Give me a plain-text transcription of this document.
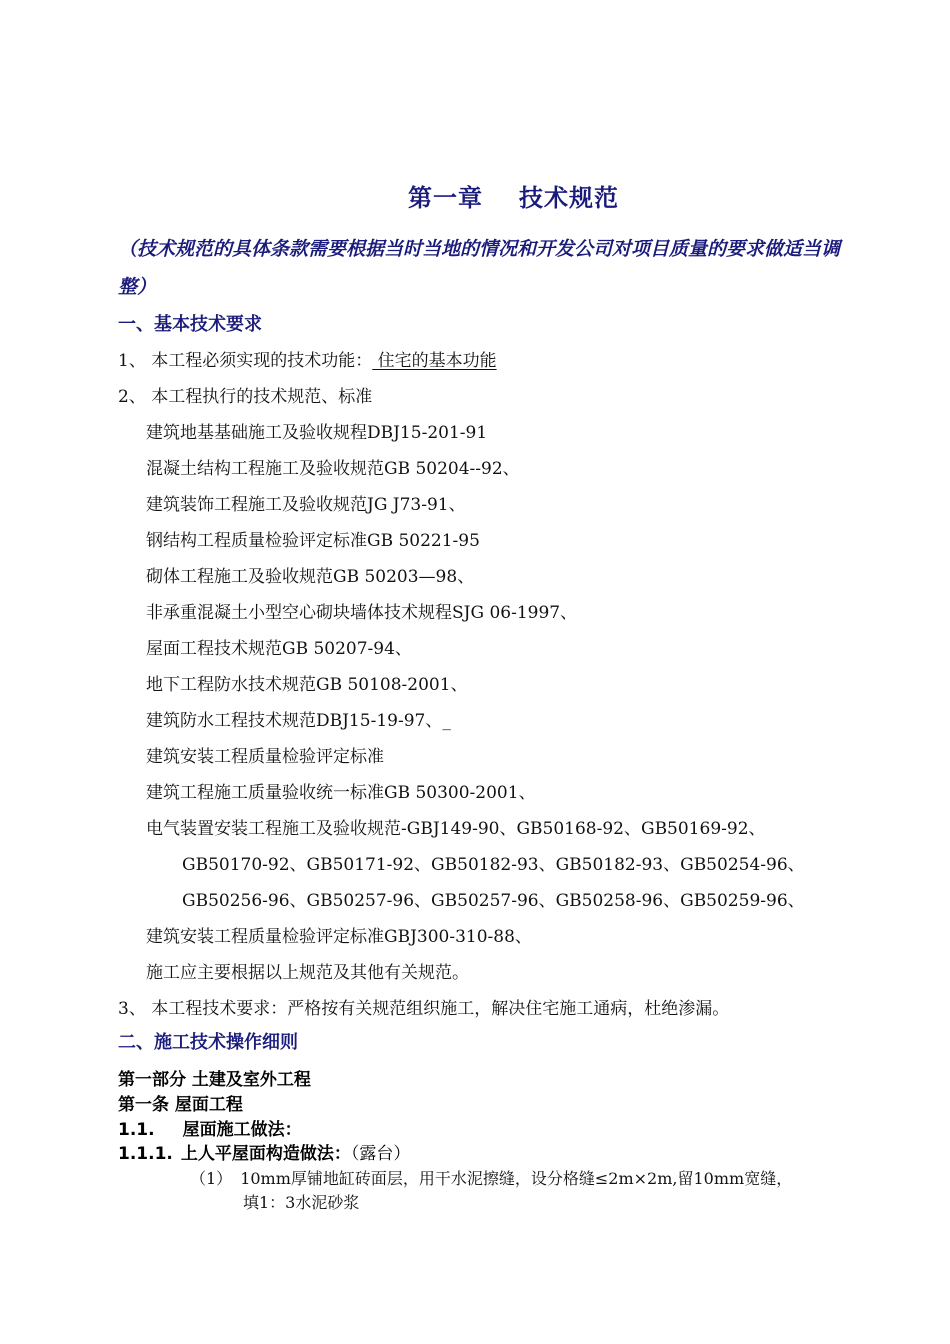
第一章 技术规范
（技术规范的具体条款需要根据当时当地的情况和开发公司对项目质量的要求做适当调
整）
一、基本技术要求
1、 本工程必须实现的技术功能： 住宅的基本功能
2、 本工程执行的技术规范、标准
建筑地基基础施工及验收规程DBJ15-201-91
混凝土结构工程施工及验收规范GB 50204--92、
建筑装饰工程施工及验收规范JG J73-91、
钢结构工程质量检验评定标准GB 50221-95
砌体工程施工及验收规范GB 50203—98、
非承重混凝土小型空心砌块墙体技术规程SJG 06-1997、
屋面工程技术规范GB 50207-94、
地下工程防水技术规范GB 50108-2001、
建筑防水工程技术规范DBJ15-19-97、_
建筑安装工程质量检验评定标准
建筑工程施工质量验收统一标准GB 50300-2001、
电气装置安装工程施工及验收规范-GBJ149-90、GB50168-92、GB50169-92、
GB50170-92、GB50171-92、GB50182-93、GB50182-93、GB50254-96、
GB50256-96、GB50257-96、GB50257-96、GB50258-96、GB50259-96、
建筑安装工程质量检验评定标准GBJ300-310-88、
施工应主要根据以上规范及其他有关规范。
3、 本工程技术要求：严格按有关规范组织施工，解决住宅施工通病，杜绝渗漏。
二、施工技术操作细则
第一部分 土建及室外工程
第一条 屋面工程
1.1. 屋面施工做法：
1.1.1. 上人平屋面构造做法：（露台）
（1） 10mm厚铺地缸砖面层，用干水泥擦缝，设分格缝≤2m×2m,留10mm宽缝，
填1：3水泥砂浆
